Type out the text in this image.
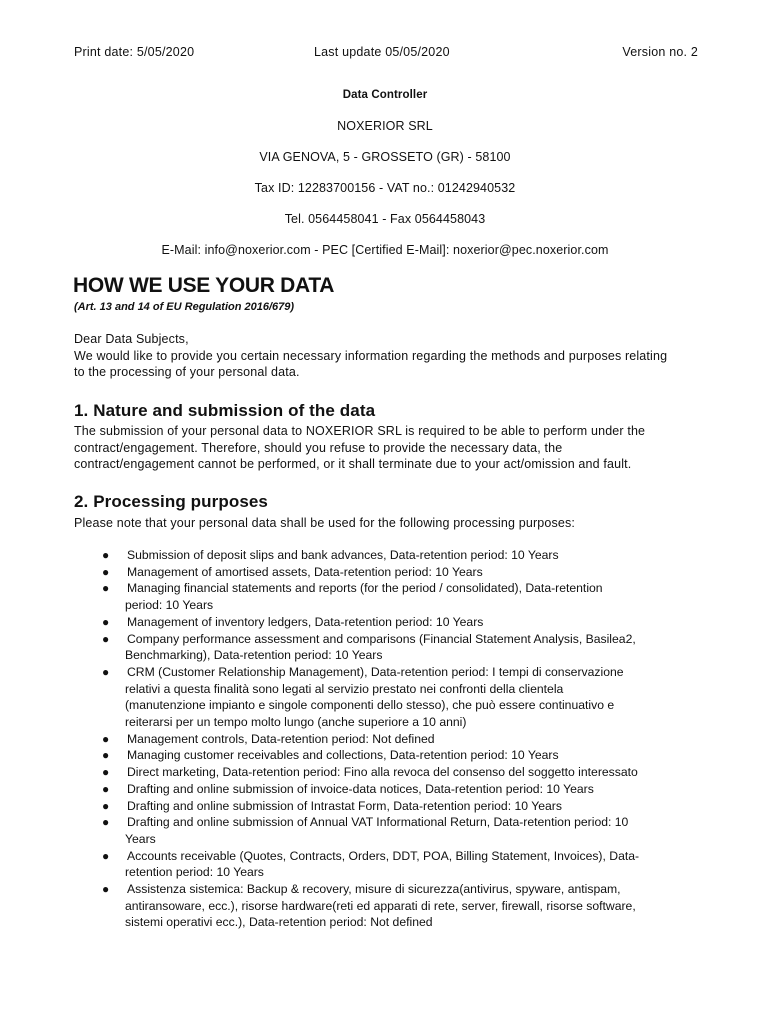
Print date: 5/05/2020	Last update 05/05/2020	Version no. 2
Data Controller
NOXERIOR SRL
VIA GENOVA, 5 - GROSSETO (GR) - 58100
Tax ID: 12283700156 - VAT no.: 01242940532
Tel. 0564458041 - Fax 0564458043
E-Mail: info@noxerior.com - PEC [Certified E-Mail]: noxerior@pec.noxerior.com
HOW WE USE YOUR DATA
(Art. 13 and 14 of EU Regulation 2016/679)
Dear Data Subjects,
We would like to provide you certain necessary information regarding the methods and purposes relating
to the processing of your personal data.
1. Nature and submission of the data
The submission of your personal data to NOXERIOR SRL is required to be able to perform under the
contract/engagement. Therefore, should you refuse to provide the necessary data, the
contract/engagement cannot be performed, or it shall terminate due to your act/omission and fault.
2. Processing purposes
Please note that your personal data shall be used for the following processing purposes:
● Submission of deposit slips and bank advances, Data-retention period: 10 Years
● Management of amortised assets, Data-retention period: 10 Years
● Managing financial statements and reports (for the period / consolidated), Data-retention
period: 10 Years
● Management of inventory ledgers, Data-retention period: 10 Years
● Company performance assessment and comparisons (Financial Statement Analysis, Basilea2,
Benchmarking), Data-retention period: 10 Years
● CRM (Customer Relationship Management), Data-retention period: I tempi di conservazione
relativi a questa finalità sono legati al servizio prestato nei confronti della clientela
(manutenzione impianto e singole componenti dello stesso), che può essere continuativo e
reiterarsi per un tempo molto lungo (anche superiore a 10 anni)
● Management controls, Data-retention period: Not defined
● Managing customer receivables and collections, Data-retention period: 10 Years
● Direct marketing, Data-retention period: Fino alla revoca del consenso del soggetto interessato
● Drafting and online submission of invoice-data notices, Data-retention period: 10 Years
● Drafting and online submission of Intrastat Form, Data-retention period: 10 Years
● Drafting and online submission of Annual VAT Informational Return, Data-retention period: 10
Years
● Accounts receivable (Quotes, Contracts, Orders, DDT, POA, Billing Statement, Invoices), Data-
retention period: 10 Years
● Assistenza sistemica: Backup & recovery, misure di sicurezza(antivirus, spyware, antispam,
antiransoware, ecc.), risorse hardware(reti ed apparati di rete, server, firewall, risorse software,
sistemi operativi ecc.), Data-retention period: Not defined
